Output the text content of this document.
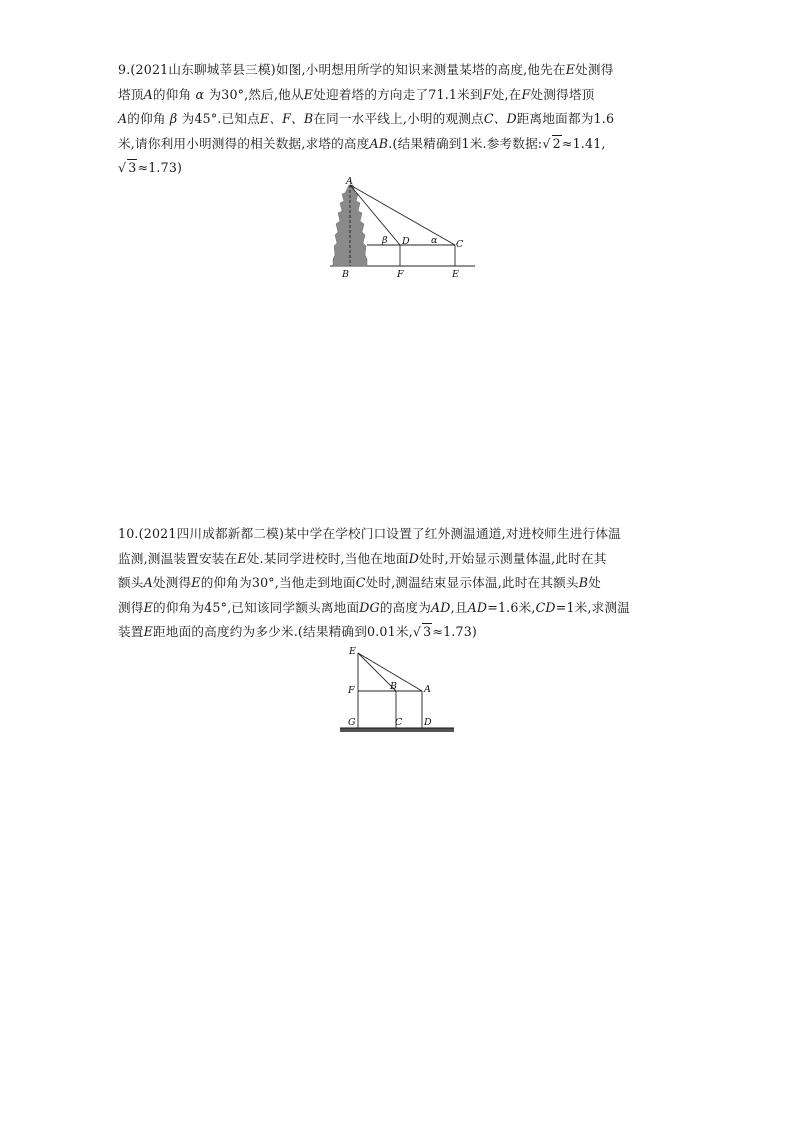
9.(2021山东聊城莘县三模)如图,小明想用所学的知识来测量某塔的高度,他先在E处测得
塔顶A的仰角 α 为30°,然后,他从E处迎着塔的方向走了71.1米到F处,在F处测得塔顶
A的仰角 β 为45°.已知点E、F、B在同一水平线上,小明的观测点C、D距离地面都为1.6
米,请你利用小明测得的相关数据,求塔的高度AB.(结果精确到1米.参考数据:√ 2≈1.41,
√ 3≈1.73)
A
B
D	C
F	E
β	α
10.(2021四川成都新都二模)某中学在学校门口设置了红外测温通道,对进校师生进行体温
监测,测温装置安装在E处.某同学进校时,当他在地面D处时,开始显示测量体温,此时在其
额头A处测得E的仰角为30°,当他走到地面C处时,测温结束显示体温,此时在其额头B处
测得E的仰角为45°,已知该同学额头离地面DG的高度为AD,且AD=1.6米,CD=1米,求测温
装置E距地面的高度约为多少米.(结果精确到0.01米,√ 3≈1.73)
E
F	B	A
G	C D
